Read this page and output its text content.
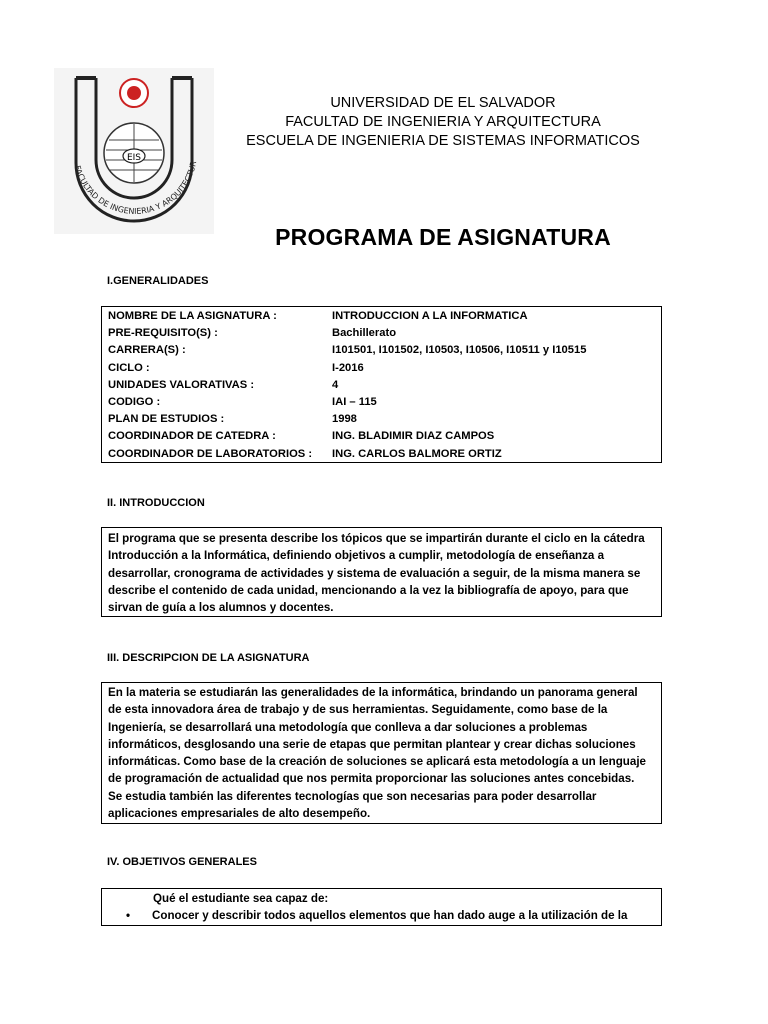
EIS
FACULTAD DE INGENIERIA Y ARQUITECTUR
UNIVERSIDAD DE EL SALVADOR
FACULTAD DE INGENIERIA Y ARQUITECTURA
ESCUELA DE INGENIERIA DE SISTEMAS INFORMATICOS
PROGRAMA DE ASIGNATURA
I.GENERALIDADES
NOMBRE DE LA ASIGNATURA :	INTRODUCCION A LA INFORMATICA
PRE-REQUISITO(S) :	Bachillerato
CARRERA(S) :	I101501, I101502, I10503, I10506, I10511 y I10515
CICLO :	I-2016
UNIDADES VALORATIVAS :	4
CODIGO :	IAI – 115
PLAN DE ESTUDIOS :	1998
COORDINADOR DE CATEDRA :	ING. BLADIMIR DIAZ CAMPOS
COORDINADOR DE LABORATORIOS :	ING. CARLOS BALMORE ORTIZ
II. INTRODUCCION
El programa que se presenta describe los tópicos que se impartirán durante el ciclo en la cátedra
Introducción a la Informática, definiendo objetivos a cumplir, metodología de enseñanza a
desarrollar, cronograma de actividades y sistema de evaluación a seguir, de la misma manera se
describe el contenido de cada unidad, mencionando a la vez la bibliografía de apoyo, para que
sirvan de guía a los alumnos y docentes.
III. DESCRIPCION DE LA ASIGNATURA
En la materia se estudiarán las generalidades de la informática, brindando un panorama general
de esta innovadora área de trabajo y de sus herramientas. Seguidamente, como base de la
Ingeniería, se desarrollará una metodología que conlleva a dar soluciones a problemas
informáticos, desglosando una serie de etapas que permitan plantear y crear dichas soluciones
informáticas. Como base de la creación de soluciones se aplicará esta metodología a un lenguaje
de programación de actualidad que nos permita proporcionar las soluciones antes concebidas.
Se estudia también las diferentes tecnologías que son necesarias para poder desarrollar
aplicaciones empresariales de alto desempeño.
IV. OBJETIVOS GENERALES
Qué el estudiante sea capaz de:
•	Conocer y describir todos aquellos elementos que han dado auge a la utilización de la
